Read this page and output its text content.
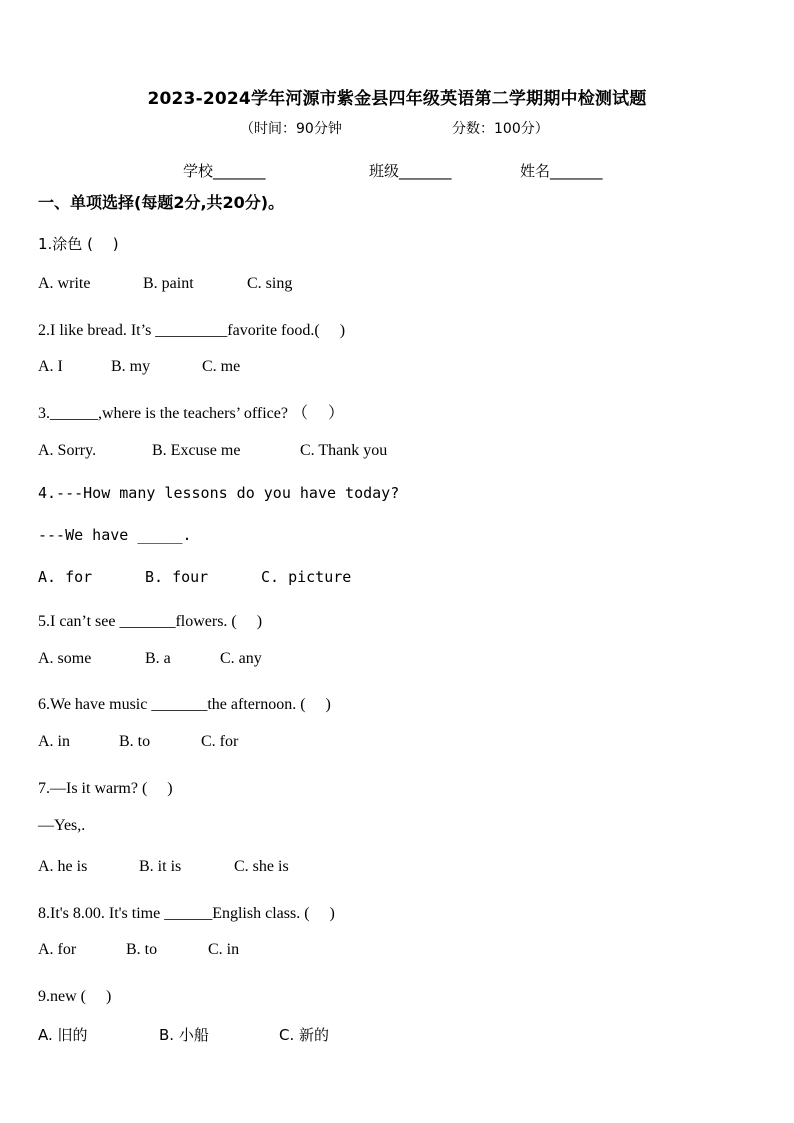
2023-2024学年河源市紫金县四年级英语第二学期期中检测试题
（时间：90分钟	分数：100分）
学校_______	班级_______	姓名_______
一、单项选择(每题2分,共20分)。
1.涂色 (　 )
A. write	B. paint	C. sing
2.I like bread. It’s _________favorite food.(　 )
A. I	B. my	C. me
3.______,where is the teachers’ office? （　 ）
A. Sorry.	B. Excuse me	C. Thank you
4.---How many lessons do you have today?
---We have _____.
A. for	B. four	C. picture
5.I can’t see _______flowers. (　 )
A. some	B. a	C. any
6.We have music _______the afternoon. (　 )
A. in	B. to	C. for
7.—Is it warm? (　 )
—Yes,.
A. he is	B. it is	C. she is
8.It's 8.00. It's time ______English class. (　 )
A. for	B. to	C. in
9.new (　 )
A. 旧的	B. 小船	C. 新的
